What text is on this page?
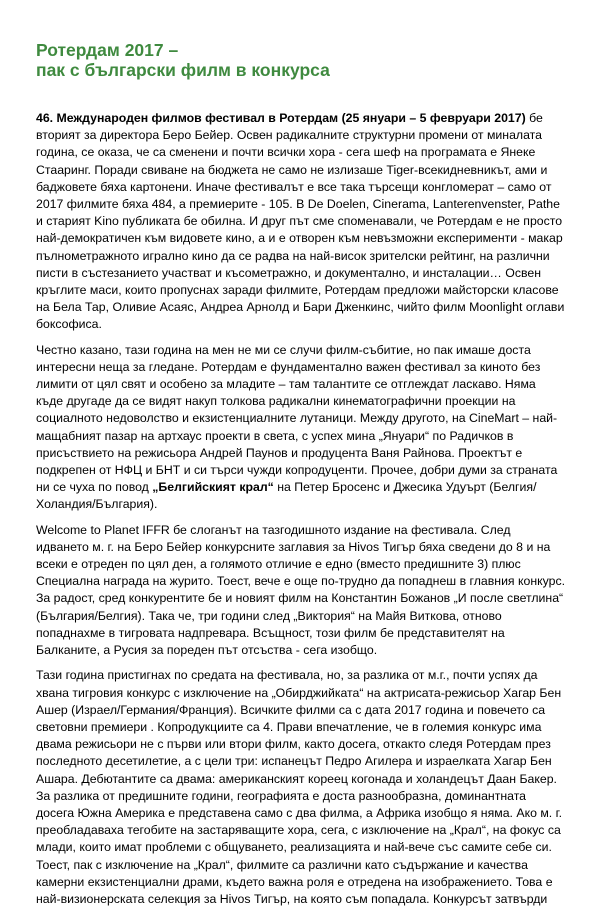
Ротердам 2017 –
пак с български филм в конкурса

46. Международен филмов фестивал в Ротердам (25 януари – 5 февруари 2017) бе вторият за директора Беро Бейер. Освен радикалните структурни промени от миналата година, се оказа, че са сменени и почти всички хора - сега шеф на програмата е Янеке Стааринг. Поради свиване на бюджета не само не излизаше Tiger-всекидневникът, ами и баджовете бяха картонени. Иначе фестивалът е все така търсещи конгломерат – само от 2017 филмите бяха 484, а премиерите - 105. В De Doelen, Cinerama, Lanterenvenster, Pathe и старият Kino публиката бе обилна. И друг път сме споменавали, че Ротердам е не просто най-демократичен към видовете кино, а и е отворен към невъзможни експерименти - макар пълнометражното игрално кино да се радва на най-висок зрителски рейтинг, на различни писти в състезанието участват и късометражно, и документално, и инсталации… Освен кръглите маси, които пропуснах заради филмите, Ротердам предложи майсторски класове на Бела Тар, Оливие Асаяс, Андреа Арнолд и Бари Дженкинс, чийто филм Moonlight оглави боксофиса.

Честно казано, тази година на мен не ми се случи филм-събитие, но пак имаше доста интересни неща за гледане. Ротердам е фундаментално важен фестивал за киното без лимити от цял свят и особено за младите – там талантите се отглеждат ласкаво. Няма къде другаде да се видят накуп толкова радикални кинематографични проекции на социалното недоволство и екзистенциалните лутаници. Между другото, на CineMart – най-мащабният пазар на артхаус проекти в света, с успех мина „Януари“ по Радичков в присъствието на режисьора Андрей Паунов и продуцента Ваня Райнова. Проектът е подкрепен от НФЦ и БНТ и си търси чужди копродуценти. Прочее, добри думи за страната ни се чуха по повод „Белгийският крал“ на Петер Бросенс и Джесика Удуърт (Белгия/Холандия/България).

Welcome to Planet IFFR бе слоганът на тазгодишното издание на фестивала. След идването м. г. на Беро Бейер конкурсните заглавия за Hivos Тигър бяха сведени до 8 и на всеки е отреден по цял ден, а голямото отличие е едно (вместо предишните 3) плюс Специална награда на журито. Тоест, вече е още по-трудно да попаднеш в главния конкурс. За радост, сред конкурентите бе и новият филм на Константин Божанов „И после светлина“ (България/Белгия). Така че, три години след „Виктория“ на Майя Виткова, отново попаднахме в тигровата надпревара. Всъщност, този филм бе представителят на Балканите, а Русия за пореден път отсъства - сега изобщо.

Тази година пристигнах по средата на фестивала, но, за разлика от м.г., почти успях да хвана тигровия конкурс с изключение на „Обирджийката“ на актрисата-режисьор Хагар Бен Ашер (Израел/Германия/Франция). Всичките филми са с дата 2017 година и повечето са световни премиери . Копродукциите са 4. Прави впечатление, че в големия конкурс има двама режисьори не с първи или втори филм, както досега, откакто следя Ротердам през последното десетилетие, а с цели три: испанецът Педро Агилера и израелката Хагар Бен Ашара. Дебютантите са двама: американският кореец когонада и холандецът Даан Бакер. За разлика от предишните години, географията е доста разнообразна, доминантната досега Южна Америка е представена само с два филма, а Африка изобщо я няма. Ако м. г. преобладаваха тегобите на застаряващите хора, сега, с изключение на „Крал“, на фокус са млади, които имат проблеми с общуването, реализацията и най-вече със самите себе си. Тоест, пак с изключение на „Крал“, филмите са различни като съдържание и качества камерни екзистенциални драми, където важна роля е отредена на изображението. Това е най-визионерската селекция за Hivos Тигър, на която съм попадала. Конкурсът затвърди
